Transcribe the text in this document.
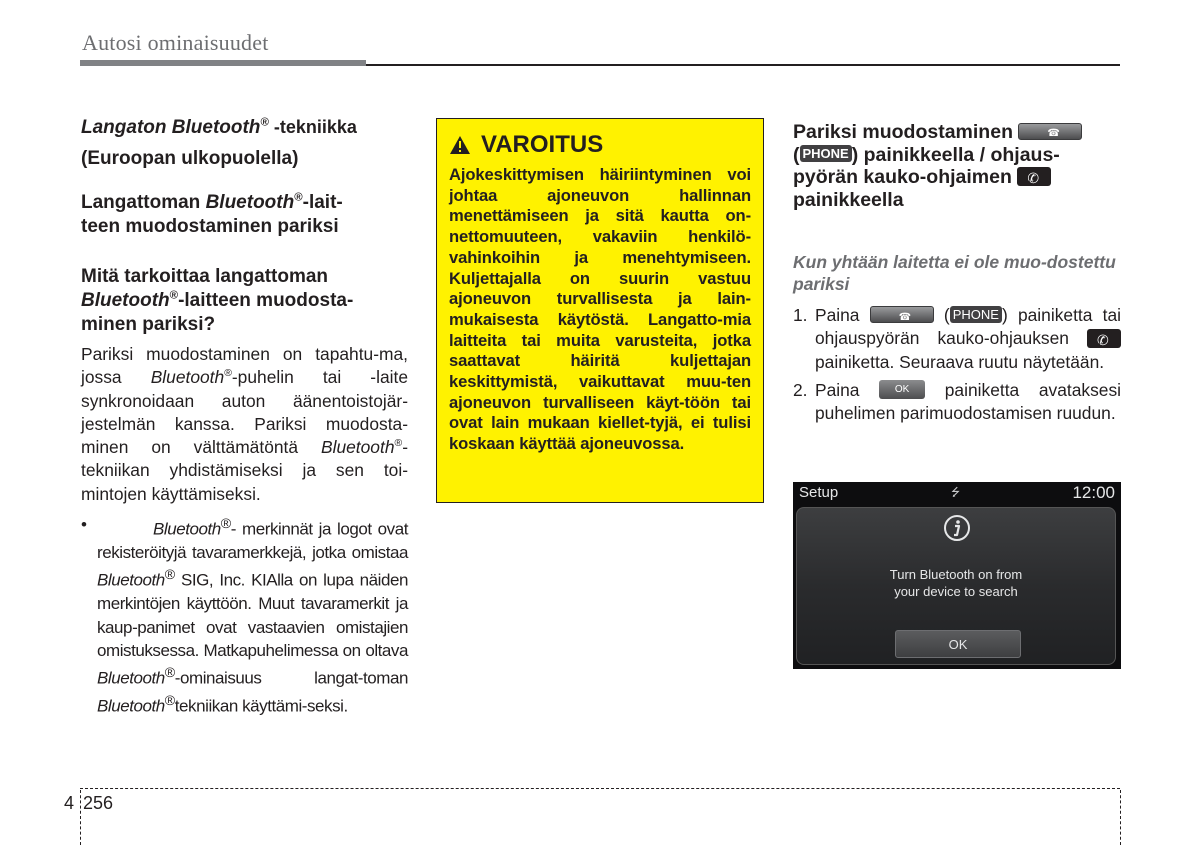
Autosi ominaisuudet

Langaton Bluetooth® -tekniikka

(Euroopan ulkopuolella)

Langattoman Bluetooth®-lait-
teen muodostaminen pariksi

Mitä tarkoittaa langattoman
Bluetooth®-laitteen muodosta-
minen pariksi?

Pariksi muodostaminen on tapahtu-ma, jossa Bluetooth®-puhelin tai -laite synkronoidaan auton äänentoistojär-jestelmän kanssa. Pariksi muodosta-minen on välttämätöntä Bluetooth®-tekniikan yhdistämiseksi ja sen toi-mintojen käyttämiseksi.

•	Bluetooth®- merkinnät ja logot ovat rekisteröityjä tavaramerkkejä, jotka omistaa Bluetooth® SIG, Inc. KIAlla on lupa näiden merkintöjen käyttöön. Muut tavaramerkit ja kaup-panimet ovat vastaavien omistajien omistuksessa. Matkapuhelimessa on oltava Bluetooth®-ominaisuus langat-toman Bluetooth®tekniikan käyttämi-seksi.
VAROITUS
Ajokeskittymisen häiriintyminen voi johtaa ajoneuvon hallinnan menettämiseen ja sitä kautta on-nettomuuteen, vakaviin henkilö-vahinkoihin ja menehtymiseen. Kuljettajalla on suurin vastuu ajoneuvon turvallisesta ja lain-mukaisesta käytöstä. Langatto-mia laitteita tai muita varusteita, jotka saattavat häiritä kuljettajan keskittymistä, vaikuttavat muu-ten ajoneuvon turvalliseen käyt-töön tai ovat lain mukaan kiellet-tyjä, ei tulisi koskaan käyttää ajoneuvossa.

Pariksi muodostaminen	☎

( PHONE ) painikkeella / ohjaus-pyörän kauko-ohjaimen ✆

painikkeella

Kun yhtään laitetta ei ole muo-dostettu pariksi

1. Paina	☎ ( PHONE ) painiketta tai ohjauspyörän kauko-ohjauksen ✆
painiketta. Seuraava ruutu näytetään.
2. Paina OK painiketta avataksesi puhelimen parimuodostamisen ruudun.
Setup	⭍	12:00
Turn Bluetooth on from
your device to search
OK
4 256
